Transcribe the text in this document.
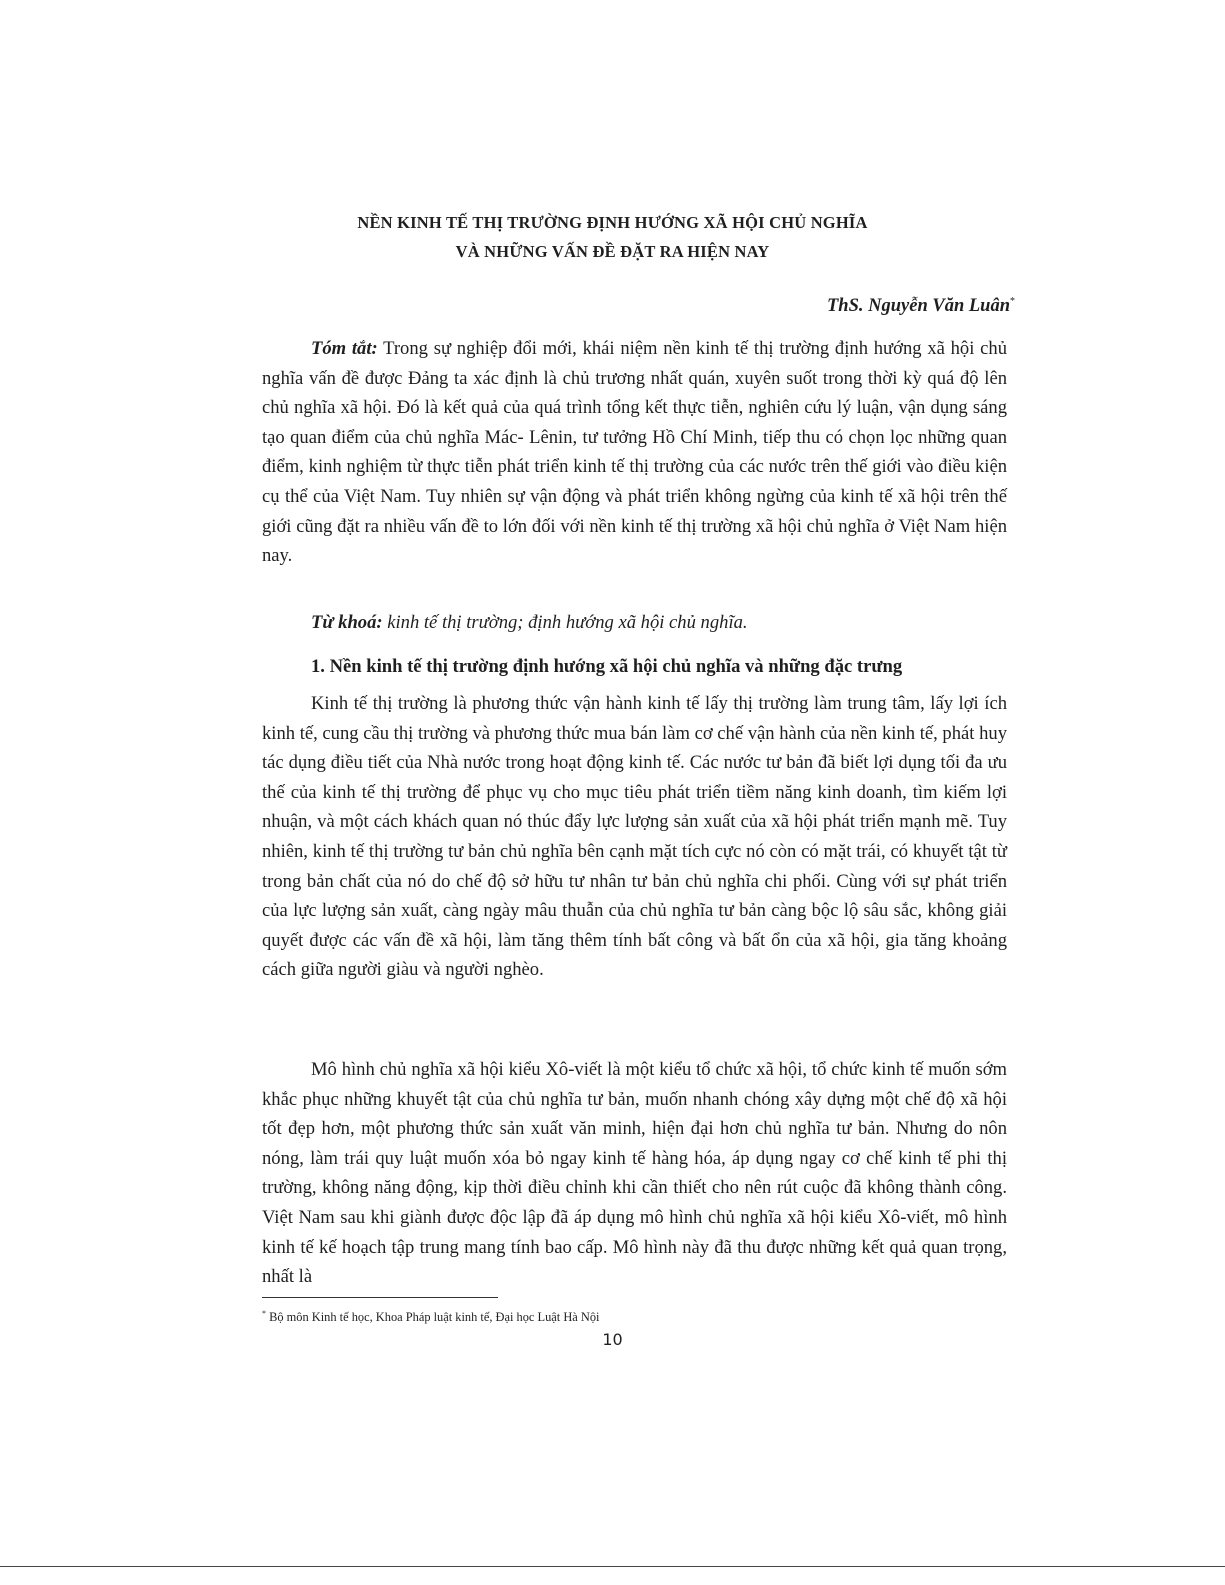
NỀN KINH TẾ THỊ TRƯỜNG ĐỊNH HƯỚNG XÃ HỘI CHỦ NGHĨA
VÀ NHỮNG VẤN ĐỀ ĐẶT RA HIỆN NAY
ThS. Nguyễn Văn Luân*

Tóm tắt: Trong sự nghiệp đổi mới, khái niệm nền kinh tế thị trường định hướng xã hội chủ nghĩa vấn đề được Đảng ta xác định là chủ trương nhất quán, xuyên suốt trong thời kỳ quá độ lên chủ nghĩa xã hội. Đó là kết quả của quá trình tổng kết thực tiễn, nghiên cứu lý luận, vận dụng sáng tạo quan điểm của chủ nghĩa Mác- Lênin, tư tưởng Hồ Chí Minh, tiếp thu có chọn lọc những quan điểm, kinh nghiệm từ thực tiễn phát triển kinh tế thị trường của các nước trên thế giới vào điều kiện cụ thể của Việt Nam. Tuy nhiên sự vận động và phát triển không ngừng của kinh tế xã hội trên thế giới cũng đặt ra nhiều vấn đề to lớn đối với nền kinh tế thị trường xã hội chủ nghĩa ở Việt Nam hiện nay.

Từ khoá: kinh tế thị trường; định hướng xã hội chủ nghĩa.
1. Nền kinh tế thị trường định hướng xã hội chủ nghĩa và những đặc trưng

Kinh tế thị trường là phương thức vận hành kinh tế lấy thị trường làm trung tâm, lấy lợi ích kinh tế, cung cầu thị trường và phương thức mua bán làm cơ chế vận hành của nền kinh tế, phát huy tác dụng điều tiết của Nhà nước trong hoạt động kinh tế. Các nước tư bản đã biết lợi dụng tối đa ưu thế của kinh tế thị trường để phục vụ cho mục tiêu phát triển tiềm năng kinh doanh, tìm kiếm lợi nhuận, và một cách khách quan nó thúc đẩy lực lượng sản xuất của xã hội phát triển mạnh mẽ. Tuy nhiên, kinh tế thị trường tư bản chủ nghĩa bên cạnh mặt tích cực nó còn có mặt trái, có khuyết tật từ trong bản chất của nó do chế độ sở hữu tư nhân tư bản chủ nghĩa chi phối. Cùng với sự phát triển của lực lượng sản xuất, càng ngày mâu thuẫn của chủ nghĩa tư bản càng bộc lộ sâu sắc, không giải quyết được các vấn đề xã hội, làm tăng thêm tính bất công và bất ổn của xã hội, gia tăng khoảng cách giữa người giàu và người nghèo.

Mô hình chủ nghĩa xã hội kiểu Xô-viết là một kiểu tổ chức xã hội, tổ chức kinh tế muốn sớm khắc phục những khuyết tật của chủ nghĩa tư bản, muốn nhanh chóng xây dựng một chế độ xã hội tốt đẹp hơn, một phương thức sản xuất văn minh, hiện đại hơn chủ nghĩa tư bản. Nhưng do nôn nóng, làm trái quy luật muốn xóa bỏ ngay kinh tế hàng hóa, áp dụng ngay cơ chế kinh tế phi thị trường, không năng động, kịp thời điều chỉnh khi cần thiết cho nên rút cuộc đã không thành công. Việt Nam sau khi giành được độc lập đã áp dụng mô hình chủ nghĩa xã hội kiểu Xô-viết, mô hình kinh tế kế hoạch tập trung mang tính bao cấp. Mô hình này đã thu được những kết quả quan trọng, nhất là

* Bộ môn Kinh tế học, Khoa Pháp luật kinh tế, Đại học Luật Hà Nội
10
